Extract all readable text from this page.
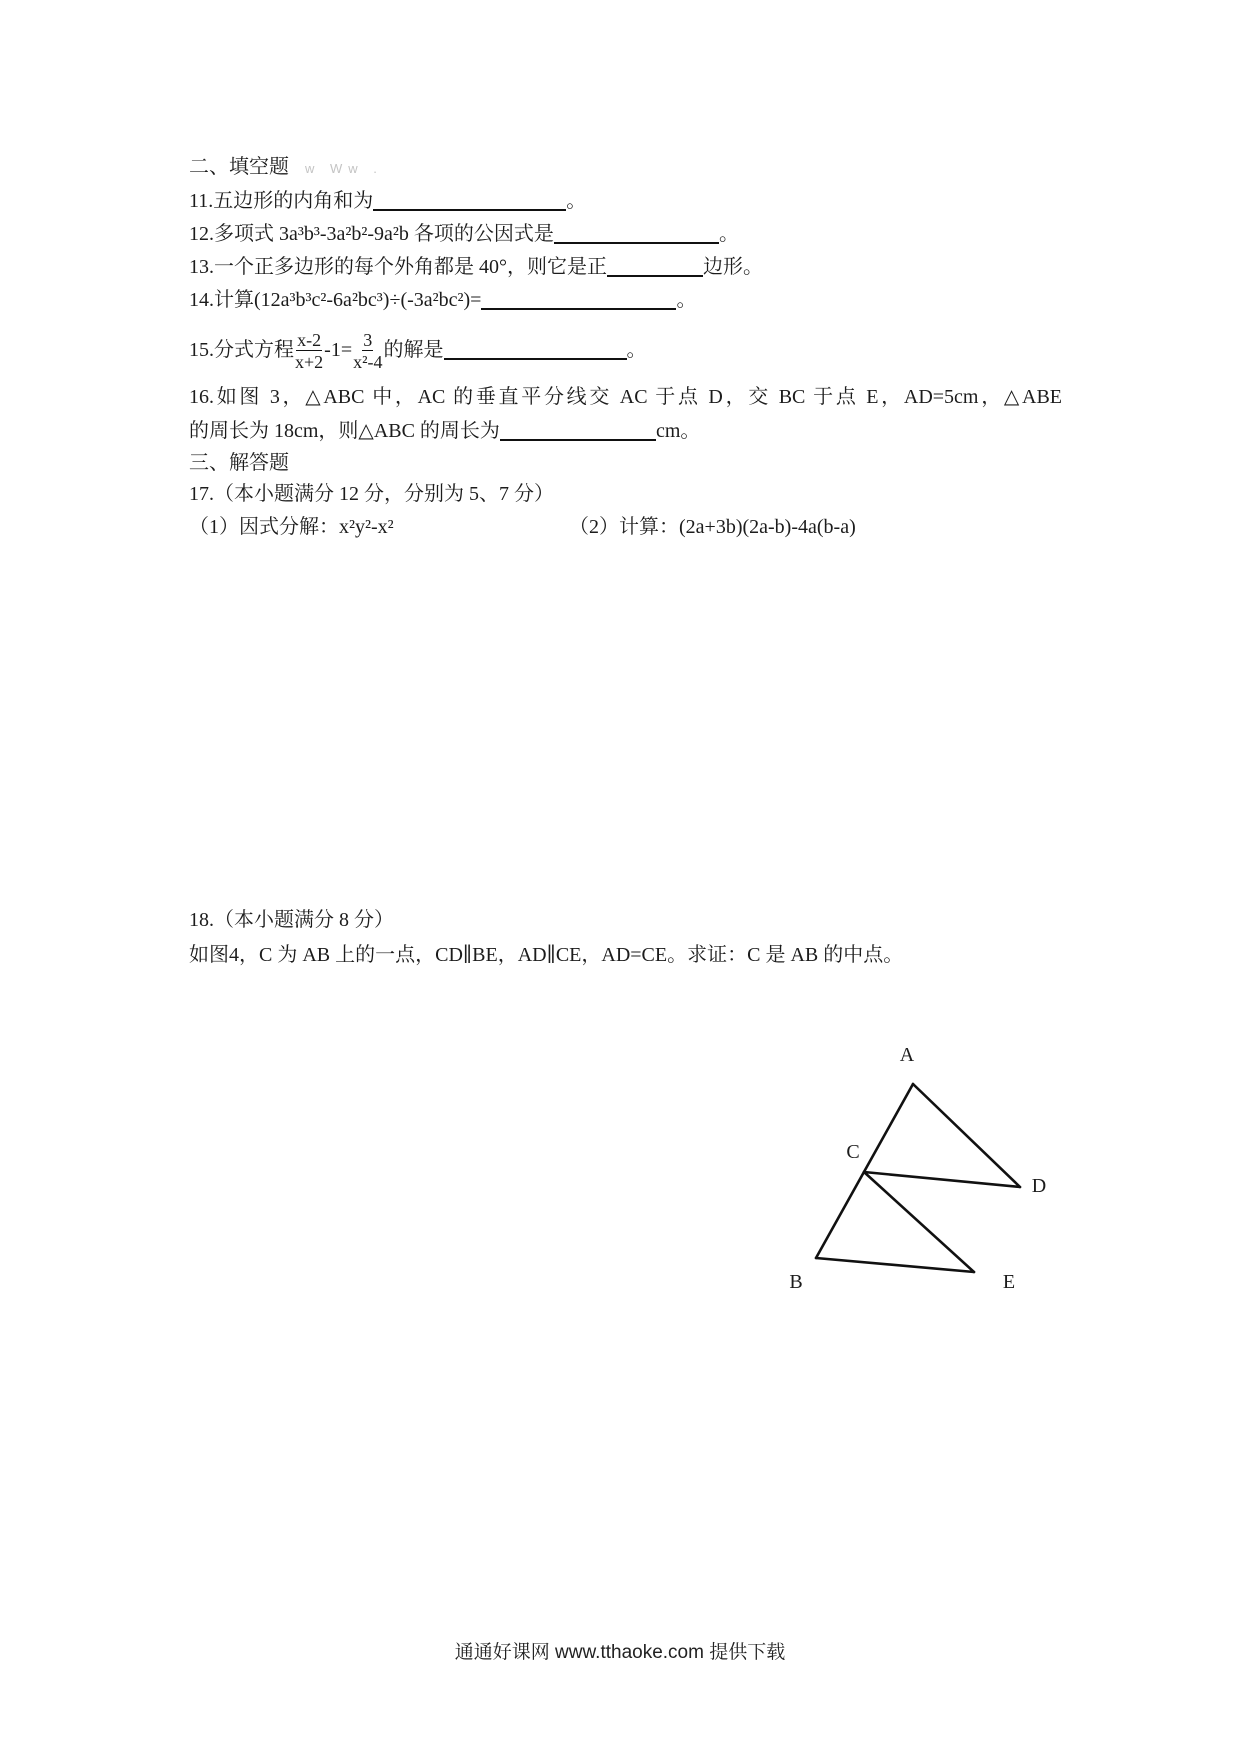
二、填空题 w Ww .
11.五边形的内角和为	。
12.多项式 3a³b³-3a²b²-9a²b 各项的公因式是	。
13.一个正多边形的每个外角都是 40°，则它是正	边形。
14.计算(12a³b³c²-6a²bc³)÷(-3a²bc²)=	。
15.分式方程 $\frac{x-2}{x+2} -1= \frac{3}{\text{x²-4}}$ 的解是	。
16.如图 3，△ABC 中，AC 的垂直平分线交 AC 于点 D，交 BC 于点 E，AD=5cm，△ABE
的周长为 18cm，则△ABC 的周长为	cm。
三、解答题
17.（本小题满分 12 分，分别为 5、7 分）
（1）因式分解：x²y²-x²	（2）计算：(2a+3b)(2a-b)-4a(b-a)
18.（本小题满分 8 分）
如图4，C 为 AB 上的一点，CD∥BE，AD∥CE，AD=CE。求证：C 是 AB 的中点。
A
C
D
B	E
通通好课网 www.tthaoke.com 提供下载
